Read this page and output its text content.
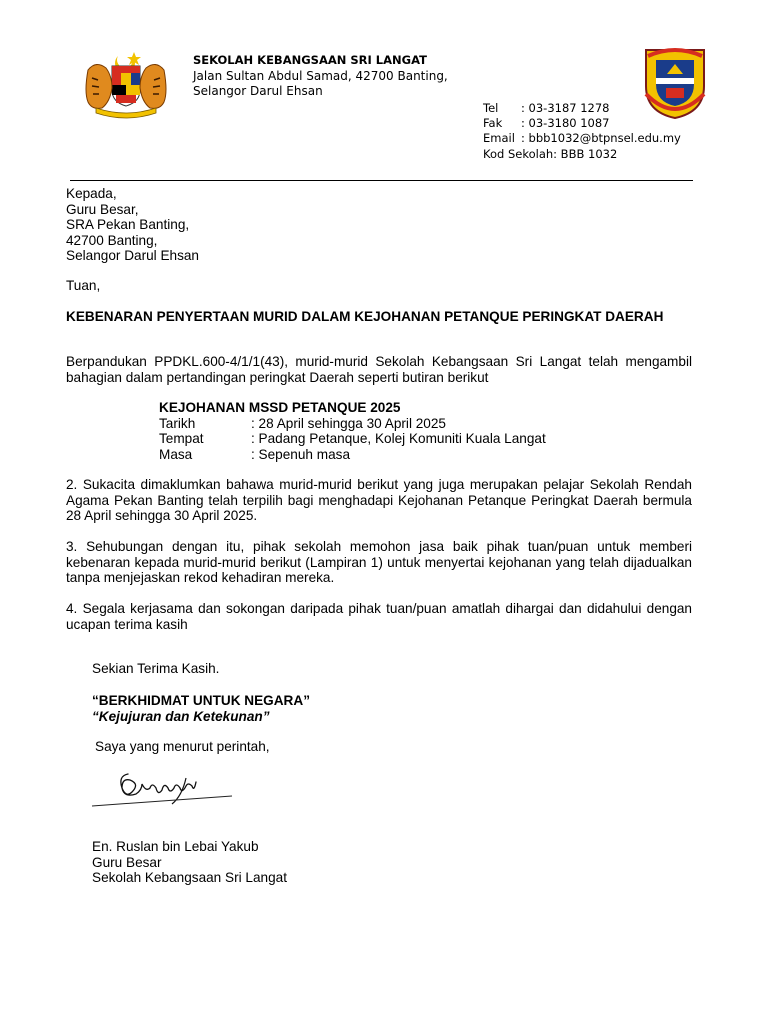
SEKOLAH KEBANGSAAN SRI LANGAT
Jalan Sultan Abdul Samad, 42700 Banting,
Selangor Darul Ehsan
Tel : 03-3187 1278
Fak : 03-3180 1087
Email : bbb1032@btpnsel.edu.my
Kod Sekolah: BBB 1032
Kepada,
Guru Besar,
SRA Pekan Banting,
42700 Banting,
Selangor Darul Ehsan
Tuan,
KEBENARAN PENYERTAAN MURID DALAM KEJOHANAN PETANQUE PERINGKAT DAERAH
Berpandukan PPDKL.600-4/1/1(43), murid-murid Sekolah Kebangsaan Sri Langat telah mengambil bahagian dalam pertandingan peringkat Daerah seperti butiran berikut
KEJOHANAN MSSD PETANQUE 2025
Tarikh	: 28 April sehingga 30 April 2025
Tempat	: Padang Petanque, Kolej Komuniti Kuala Langat
Masa	: Sepenuh masa
2. Sukacita dimaklumkan bahawa murid-murid berikut yang juga merupakan pelajar Sekolah Rendah Agama Pekan Banting telah terpilih bagi menghadapi Kejohanan Petanque Peringkat Daerah bermula 28 April sehingga 30 April 2025.
3. Sehubungan dengan itu, pihak sekolah memohon jasa baik pihak tuan/puan untuk memberi kebenaran kepada murid-murid berikut (Lampiran 1) untuk menyertai kejohanan yang telah dijadualkan tanpa menjejaskan rekod kehadiran mereka.
4. Segala kerjasama dan sokongan daripada pihak tuan/puan amatlah dihargai dan didahului dengan ucapan terima kasih
Sekian Terima Kasih.
“BERKHIDMAT UNTUK NEGARA”
“Kejujuran dan Ketekunan”
Saya yang menurut perintah,
En. Ruslan bin Lebai Yakub
Guru Besar
Sekolah Kebangsaan Sri Langat
